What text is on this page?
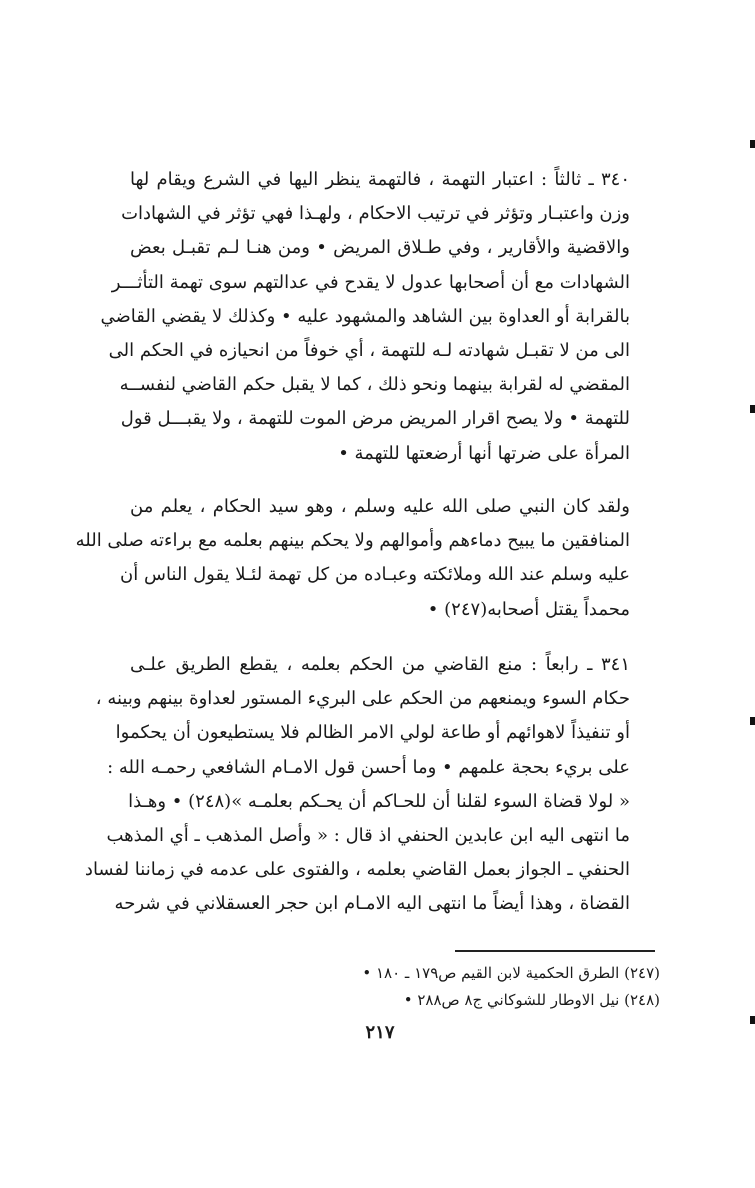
٣٤٠ ـ ثالثاً : اعتبار التهمة ، فالتهمة ينظر اليها في الشرع ويقام لها
وزن واعتبـار وتؤثر في ترتيب الاحكام ، ولهـذا فهي تؤثر في الشهادات
والاقضية والأقارير ، وفي طـلاق المريض • ومن هنـا لـم تقبـل بعض
الشهادات مع أن أصحابها عدول لا يقدح في عدالتهم سوى تهمة التأثـــر
بالقرابة أو العداوة بين الشاهد والمشهود عليه • وكذلك لا يقضي القاضي
الى من لا تقبـل شهادته لـه للتهمة ، أي خوفاً من انحيازه في الحكم الى
المقضي له لقرابة بينهما ونحو ذلك ، كما لا يقبل حكم القاضي لنفســه
للتهمة • ولا يصح اقرار المريض مرض الموت للتهمة ، ولا يقبـــل قول
المرأة على ضرتها أنها أرضعتها للتهمة •
ولقد كان النبي صلى الله عليه وسلم ، وهو سيد الحكام ، يعلم من
المنافقين ما يبيح دماءهم وأموالهم ولا يحكم بينهم بعلمه مع براءته صلى الله
عليه وسلم عند الله وملائكته وعبـاده من كل تهمة لئـلا يقول الناس أن
محمداً يقتل أصحابه(٢٤٧) •
٣٤١ ـ رابعاً : منع القاضي من الحكم بعلمه ، يقطع الطريق علـى
حكام السوء ويمنعهم من الحكم على البريء المستور لعداوة بينهم وبينه ،
أو تنفيذاً لاهوائهم أو طاعة لولي الامر الظالم فلا يستطيعون أن يحكموا
على بريء بحجة علمهم • وما أحسن قول الامـام الشافعي رحمـه الله :
« لولا قضاة السوء لقلنا أن للحـاكم أن يحـكم بعلمـه »(٢٤٨) • وهـذا
ما انتهى اليه ابن عابدين الحنفي اذ قال : « وأصل المذهب ـ أي المذهب
الحنفي ـ الجواز بعمل القاضي بعلمه ، والفتوى على عدمه في زماننا لفساد
القضاة ، وهذا أيضاً ما انتهى اليه الامـام ابن حجر العسقلاني في شرحه
(٢٤٧) الطرق الحكمية لابن القيم ص١٧٩ ـ ١٨٠ •
(٢٤٨) نيل الاوطار للشوكاني ج٨ ص٢٨٨ •
٢١٧
